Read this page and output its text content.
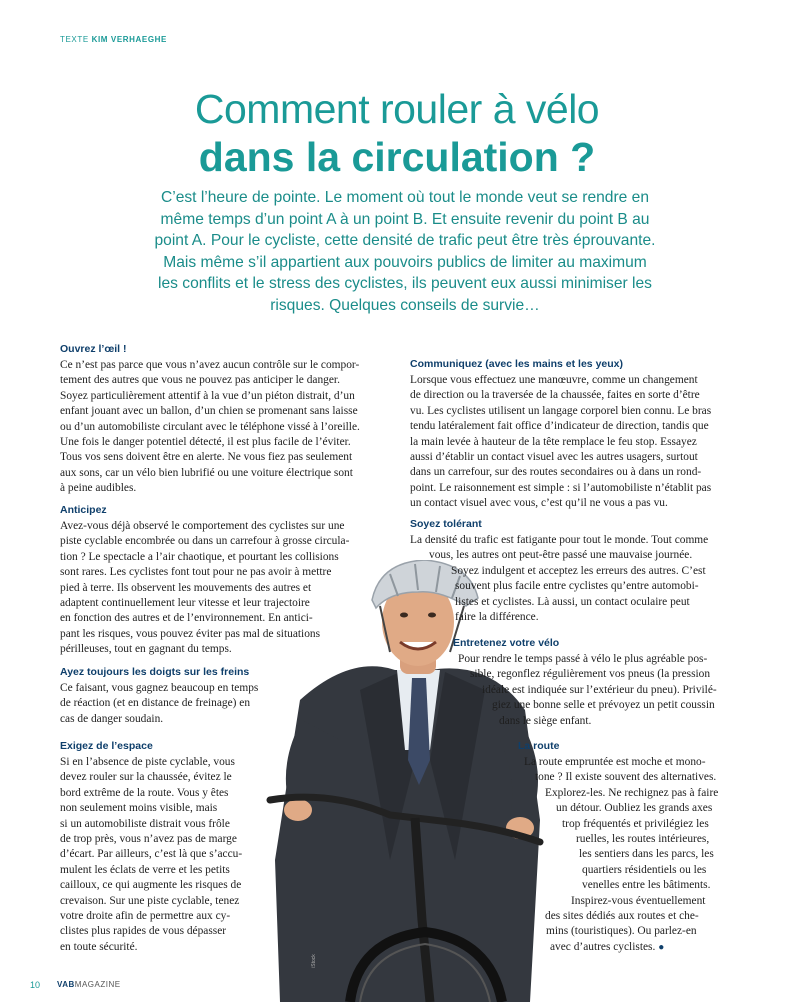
TEXTE KIM VERHAEGHE
Comment rouler à vélo
dans la circulation ?
C’est l’heure de pointe. Le moment où tout le monde veut se rendre en
même temps d’un point A à un point B. Et ensuite revenir du point B au
point A. Pour le cycliste, cette densité de trafic peut être très éprouvante.
Mais même s’il appartient aux pouvoirs publics de limiter au maximum
les conflits et le stress des cyclistes, ils peuvent eux aussi minimiser les
risques. Quelques conseils de survie…
Ouvrez l’œil !
Ce n’est pas parce que vous n’avez aucun contrôle sur le compor-
tement des autres que vous ne pouvez pas anticiper le danger.
Soyez particulièrement attentif à la vue d’un piéton distrait, d’un
enfant jouant avec un ballon, d’un chien se promenant sans laisse
ou d’un automobiliste circulant avec le téléphone vissé à l’oreille.
Une fois le danger potentiel détecté, il est plus facile de l’éviter.
Tous vos sens doivent être en alerte. Ne vous fiez pas seulement
aux sons, car un vélo bien lubrifié ou une voiture électrique sont
à peine audibles.
Anticipez
Avez-vous déjà observé le comportement des cyclistes sur une
piste cyclable encombrée ou dans un carrefour à grosse circula-
tion ? Le spectacle a l’air chaotique, et pourtant les collisions
sont rares. Les cyclistes font tout pour ne pas avoir à mettre
pied à terre. Ils observent les mouvements des autres et
adaptent continuellement leur vitesse et leur trajectoire
en fonction des autres et de l’environnement. En antici-
pant les risques, vous pouvez éviter pas mal de situations
périlleuses, tout en gagnant du temps.
Ayez toujours les doigts sur les freins
Ce faisant, vous gagnez beaucoup en temps
de réaction (et en distance de freinage) en
cas de danger soudain.
Exigez de l’espace
Si en l’absence de piste cyclable, vous
devez rouler sur la chaussée, évitez le
bord extrême de la route. Vous y êtes
non seulement moins visible, mais
si un automobiliste distrait vous frôle
de trop près, vous n’avez pas de marge
d’écart. Par ailleurs, c’est là que s’accu-
mulent les éclats de verre et les petits
cailloux, ce qui augmente les risques de
crevaison. Sur une piste cyclable, tenez
votre droite afin de permettre aux cy-
clistes plus rapides de vous dépasser
en toute sécurité.
Communiquez (avec les mains et les yeux)
Lorsque vous effectuez une manœuvre, comme un changement
de direction ou la traversée de la chaussée, faites en sorte d’être
vu. Les cyclistes utilisent un langage corporel bien connu. Le bras
tendu latéralement fait office d’indicateur de direction, tandis que
la main levée à hauteur de la tête remplace le feu stop. Essayez
aussi d’établir un contact visuel avec les autres usagers, surtout
dans un carrefour, sur des routes secondaires ou à dans un rond-
point. Le raisonnement est simple : si l’automobiliste n’établit pas
un contact visuel avec vous, c’est qu’il ne vous a pas vu.
Soyez tolérant
La densité du trafic est fatigante pour tout le monde. Tout comme
vous, les autres ont peut-être passé une mauvaise journée.
Soyez indulgent et acceptez les erreurs des autres. C’est
souvent plus facile entre cyclistes qu’entre automobi-
listes et cyclistes. Là aussi, un contact oculaire peut
faire la différence.
Entretenez votre vélo
Pour rendre le temps passé à vélo le plus agréable pos-
sible, regonflez régulièrement vos pneus (la pression
idéale est indiquée sur l’extérieur du pneu). Privilé-
giez une bonne selle et prévoyez un petit coussin
dans le siège enfant.
La route
La route empruntée est moche et mono-
tone ? Il existe souvent des alternatives.
Explorez-les. Ne rechignez pas à faire
un détour. Oubliez les grands axes
trop fréquentés et privilégiez les
ruelles, les routes intérieures,
les sentiers dans les parcs, les
quartiers résidentiels ou les
venelles entre les bâtiments.
Inspirez-vous éventuellement
des sites dédiés aux routes et che-
mins (touristiques). Ou parlez-en
avec d’autres cyclistes. ●
iStock
10 VABMAGAZINE
